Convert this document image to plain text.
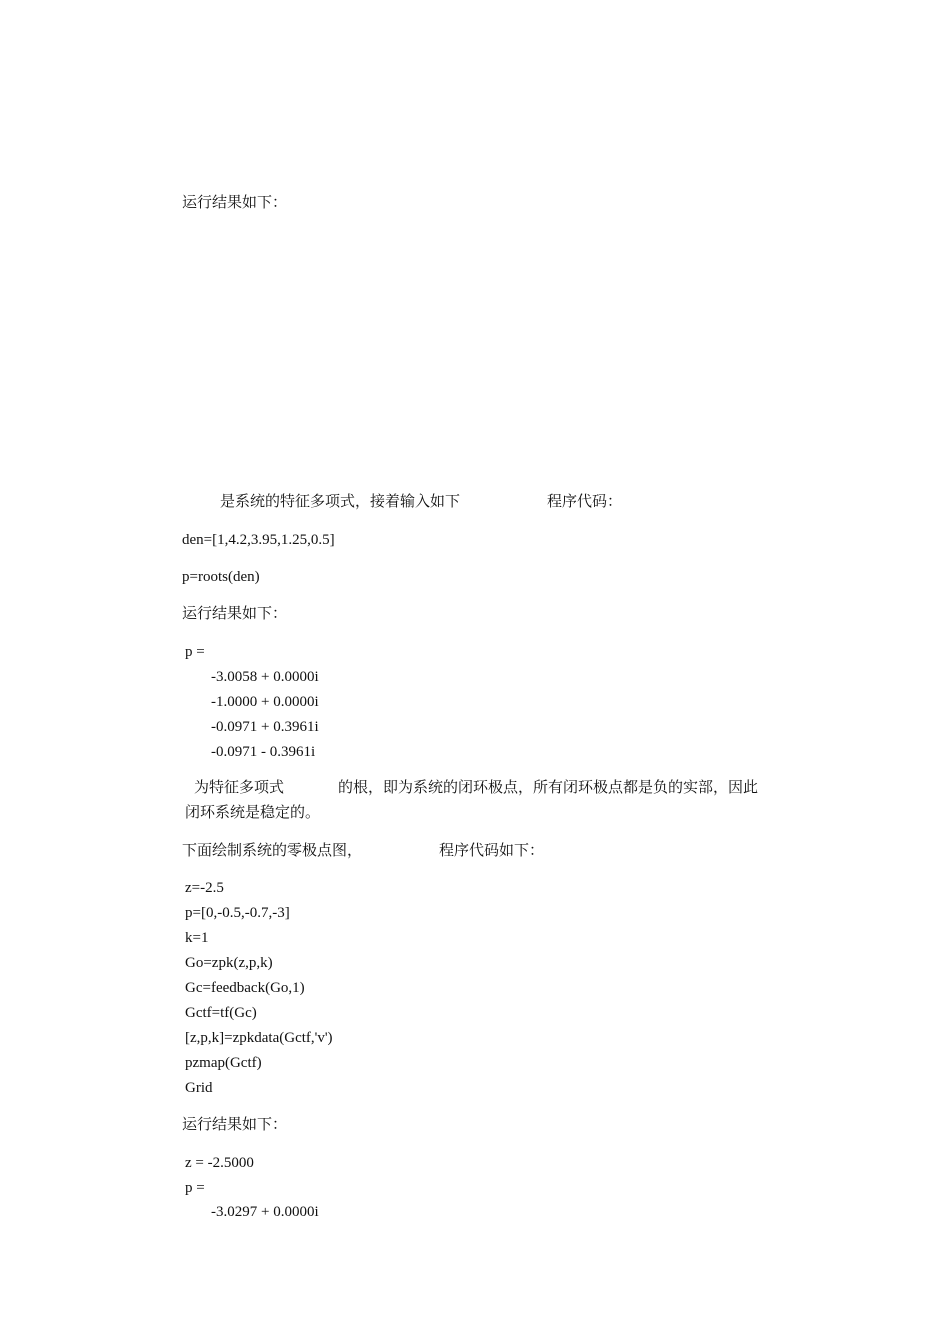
运行结果如下：

是系统的特征多项式，接着输入如下	程序代码：

den=[1,4.2,3.95,1.25,0.5]

p=roots(den)

运行结果如下：

p =

-3.0058 + 0.0000i

-1.0000 + 0.0000i

-0.0971 + 0.3961i

-0.0971 - 0.3961i

为特征多项式	的根，即为系统的闭环极点，所有闭环极点都是负的实部，因此

闭环系统是稳定的。

下面绘制系统的零极点图，	程序代码如下：

z=-2.5

p=[0,-0.5,-0.7,-3]

k=1

Go=zpk(z,p,k)

Gc=feedback(Go,1)

Gctf=tf(Gc)

[z,p,k]=zpkdata(Gctf,'v')

pzmap(Gctf)

Grid

运行结果如下：

z = -2.5000

p =

-3.0297 + 0.0000i
